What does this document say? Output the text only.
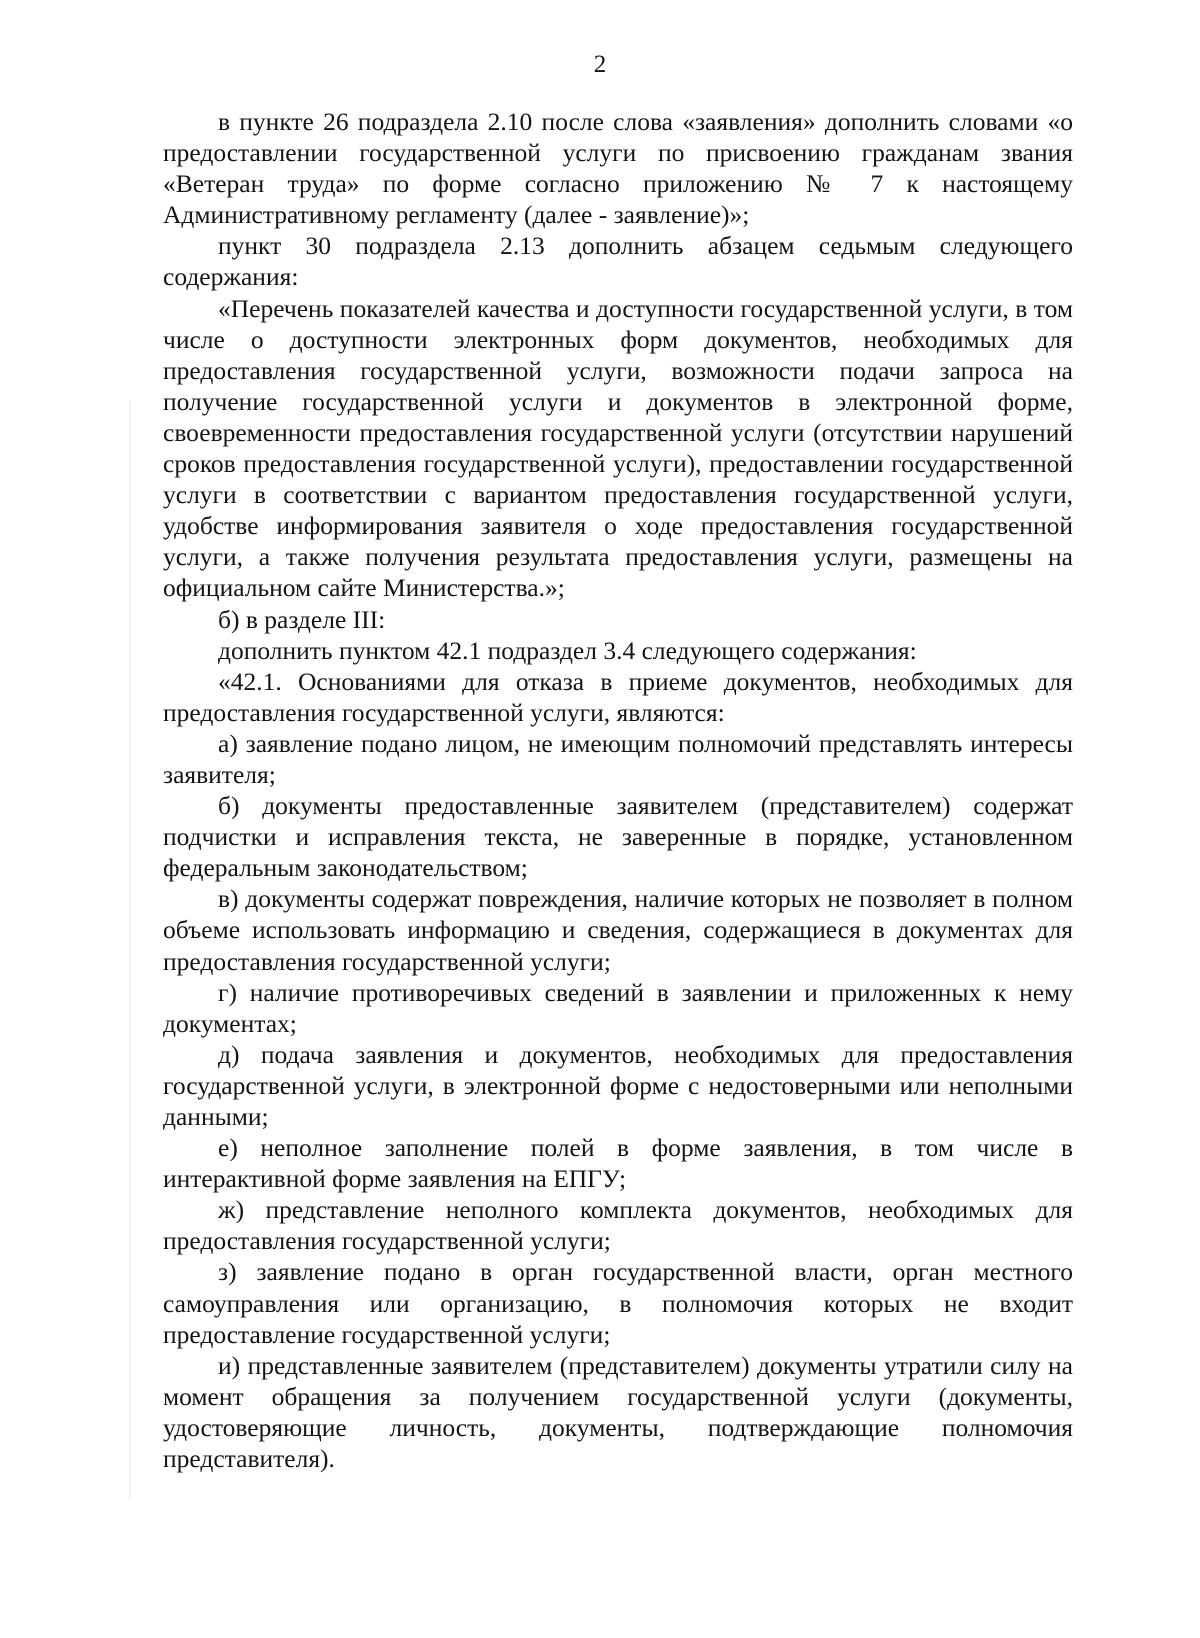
2

в пункте 26 подраздела 2.10 после слова «заявления» дополнить словами «о предоставлении государственной услуги по присвоению гражданам звания «Ветеран труда» по форме согласно приложению № 7 к настоящему Административному регламенту (далее - заявление)»;

пункт 30 подраздела 2.13 дополнить абзацем седьмым следующего содержания:

«Перечень показателей качества и доступности государственной услуги, в том числе о доступности электронных форм документов, необходимых для предоставления государственной услуги, возможности подачи запроса на получение государственной услуги и документов в электронной форме, своевременности предоставления государственной услуги (отсутствии нарушений сроков предоставления государственной услуги), предоставлении государственной услуги в соответствии с вариантом предоставления государственной услуги, удобстве информирования заявителя о ходе предоставления государственной услуги, а также получения результата предоставления услуги, размещены на официальном сайте Министерства.»;

б) в разделе III:

дополнить пунктом 42.1 подраздел 3.4 следующего содержания:

«42.1. Основаниями для отказа в приеме документов, необходимых для предоставления государственной услуги, являются:

а) заявление подано лицом, не имеющим полномочий представлять интересы заявителя;

б) документы предоставленные заявителем (представителем) содержат подчистки и исправления текста, не заверенные в порядке, установленном федеральным законодательством;

в) документы содержат повреждения, наличие которых не позволяет в полном объеме использовать информацию и сведения, содержащиеся в документах для предоставления государственной услуги;

г) наличие противоречивых сведений в заявлении и приложенных к нему документах;

д) подача заявления и документов, необходимых для предоставления государственной услуги, в электронной форме с недостоверными или неполными данными;

е) неполное заполнение полей в форме заявления, в том числе в интерактивной форме заявления на ЕПГУ;

ж) представление неполного комплекта документов, необходимых для предоставления государственной услуги;

з) заявление подано в орган государственной власти, орган местного самоуправления или организацию, в полномочия которых не входит предоставление государственной услуги;

и) представленные заявителем (представителем) документы утратили силу на момент обращения за получением государственной услуги (документы, удостоверяющие личность, документы, подтверждающие полномочия представителя).
